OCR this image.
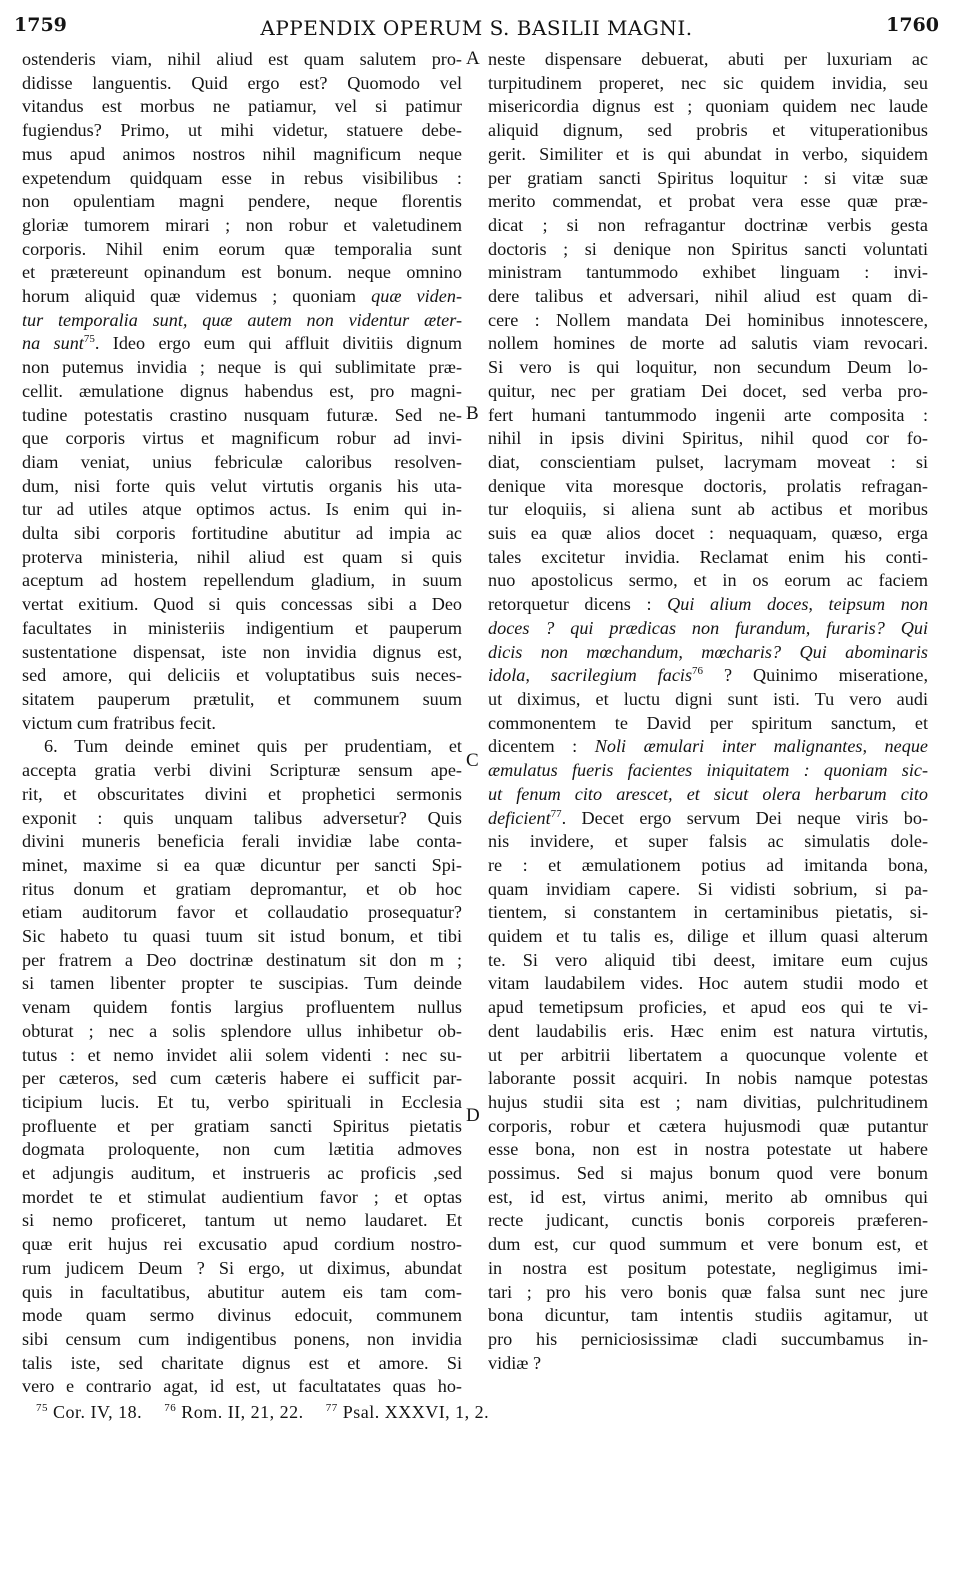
1759	APPENDIX OPERUM S. BASILII MAGNI.	1760
ostenderis viam, nihil aliud est quam salutem pro-
didisse languentis. Quid ergo est? Quomodo vel
vitandus est morbus ne patiamur, vel si patimur
fugiendus? Primo, ut mihi videtur, statuere debe-
mus apud animos nostros nihil magnificum neque
expetendum quidquam esse in rebus visibilibus :
non opulentiam magni pendere, neque florentis
gloriæ tumorem mirari ; non robur et valetudinem
corporis. Nihil enim eorum quæ temporalia sunt
et prætereunt opinandum est bonum. neque omnino
horum aliquid quæ videmus ; quoniam quæ viden-
tur temporalia sunt, quæ autem non videntur æter-
na sunt$^{75}$. Ideo ergo eum qui affluit divitiis dignum
non putemus invidia ; neque is qui sublimitate præ-
cellit. æmulatione dignus habendus est, pro magni-
tudine potestatis crastino nusquam futuræ. Sed ne-
que corporis virtus et magnificum robur ad invi-
diam veniat, unius febriculæ caloribus resolven-
dum, nisi forte quis velut virtutis organis his uta-
tur ad utiles atque optimos actus. Is enim qui in-
dulta sibi corporis fortitudine abutitur ad impia ac
proterva ministeria, nihil aliud est quam si quis
aceptum ad hostem repellendum gladium, in suum
vertat exitium. Quod si quis concessas sibi a Deo
facultates in ministeriis indigentium et pauperum
sustentatione dispensat, iste non invidia dignus est,
sed amore, qui deliciis et voluptatibus suis neces-
sitatem pauperum prætulit, et communem suum
victum cum fratribus fecit.
6. Tum deinde eminet quis per prudentiam, et
accepta gratia verbi divini Scripturæ sensum ape-
rit, et obscuritates divini et prophetici sermonis
exponit : quis unquam talibus adversetur? Quis
divini muneris beneficia ferali invidiæ labe conta-
minet, maxime si ea quæ dicuntur per sancti Spi-
ritus donum et gratiam depromantur, et ob hoc
etiam auditorum favor et collaudatio prosequatur?
Sic habeto tu quasi tuum sit istud bonum, et tibi
per fratrem a Deo doctrinæ destinatum sit don m ;
si tamen libenter propter te suscipias. Tum deinde
venam quidem fontis largius profluentem nullus
obturat ; nec a solis splendore ullus inhibetur ob-
tutus : et nemo invidet alii solem videnti : nec su-
per cæteros, sed cum cæteris habere ei sufficit par-
ticipium lucis. Et tu, verbo spirituali in Ecclesia
profluente et per gratiam sancti Spiritus pietatis
dogmata proloquente, non cum lætitia admoves
et adjungis auditum, et instrueris ac proficis ,sed
mordet te et stimulat audientium favor ; et optas
si nemo proficeret, tantum ut nemo laudaret. Et
quæ erit hujus rei excusatio apud cordium nostro-
rum judicem Deum ? Si ergo, ut diximus, abundat
quis in facultatibus, abutitur autem eis tam com-
mode quam sermo divinus edocuit, communem
sibi censum cum indigentibus ponens, non invidia
talis iste, sed charitate dignus est et amore. Si
vero e contrario agat, id est, ut facultatates quas ho-
neste dispensare debuerat, abuti per luxuriam ac
turpitudinem properet, nec sic quidem invidia, seu
misericordia dignus est ; quoniam quidem nec laude
aliquid dignum, sed probris et vituperationibus
gerit. Similiter et is qui abundat in verbo, siquidem
per gratiam sancti Spiritus loquitur : si vitæ suæ
merito commendat, et probat vera esse quæ præ-
dicat ; si non refragantur doctrinæ verbis gesta
doctoris ; si denique non Spiritus sancti voluntati
ministram tantummodo exhibet linguam : invi-
dere talibus et adversari, nihil aliud est quam di-
cere : Nollem mandata Dei hominibus innotescere,
nollem homines de morte ad salutis viam revocari.
Si vero is qui loquitur, non secundum Deum lo-
quitur, nec per gratiam Dei docet, sed verba pro-
fert humani tantummodo ingenii arte composita :
nihil in ipsis divini Spiritus, nihil quod cor fo-
diat, conscientiam pulset, lacrymam moveat : si
denique vita moresque doctoris, prolatis refragan-
tur eloquiis, si aliena sunt ab actibus et moribus
suis ea quæ alios docet : nequaquam, quæso, erga
tales excitetur invidia. Reclamat enim his conti-
nuo apostolicus sermo, et in os eorum ac faciem
retorquetur dicens : Qui alium doces, teipsum non
doces ? qui prædicas non furandum, furaris? Qui
dicis non mœchandum, mœcharis? Qui abominaris
idola, sacrilegium facis$^{76}$ ? Quinimo miseratione,
ut diximus, et luctu digni sunt isti. Tu vero audi
commonentem te David per spiritum sanctum, et
dicentem : Noli æmulari inter malignantes, neque
æmulatus fueris facientes iniquitatem : quoniam sic-
ut fenum cito arescet, et sicut olera herbarum cito
deficient$^{77}$. Decet ergo servum Dei neque viris bo-
nis invidere, et super falsis ac simulatis dole-
re : et æmulationem potius ad imitanda bona,
quam invidiam capere. Si vidisti sobrium, si pa-
tientem, si constantem in certaminibus pietatis, si-
quidem et tu talis es, dilige et illum quasi alterum
te. Si vero aliquid tibi deest, imitare eum cujus
vitam laudabilem vides. Hoc autem studii modo et
apud temetipsum proficies, et apud eos qui te vi-
dent laudabilis eris. Hæc enim est natura virtutis,
ut per arbitrii libertatem a quocunque volente et
laborante possit acquiri. In nobis namque potestas
hujus studii sita est ; nam divitias, pulchritudinem
corporis, robur et cætera hujusmodi quæ putantur
esse bona, non est in nostra potestate ut habere
possimus. Sed si majus bonum quod vere bonum
est, id est, virtus animi, merito ab omnibus qui
recte judicant, cunctis bonis corporeis præferen-
dum est, cur quod summum et vere bonum est, et
in nostra est positum potestate, negligimus imi-
tari ; pro his vero bonis quæ falsa sunt nec jure
bona dicuntur, tam intentis studiis agitamur, ut
pro his perniciosissimæ cladi succumbamus in-
vidiæ ?
A
B
C
D
$^{75}$ Cor. IV, 18. $^{76}$ Rom. II, 21, 22. $^{77}$ Psal. XXXVI, 1, 2.
